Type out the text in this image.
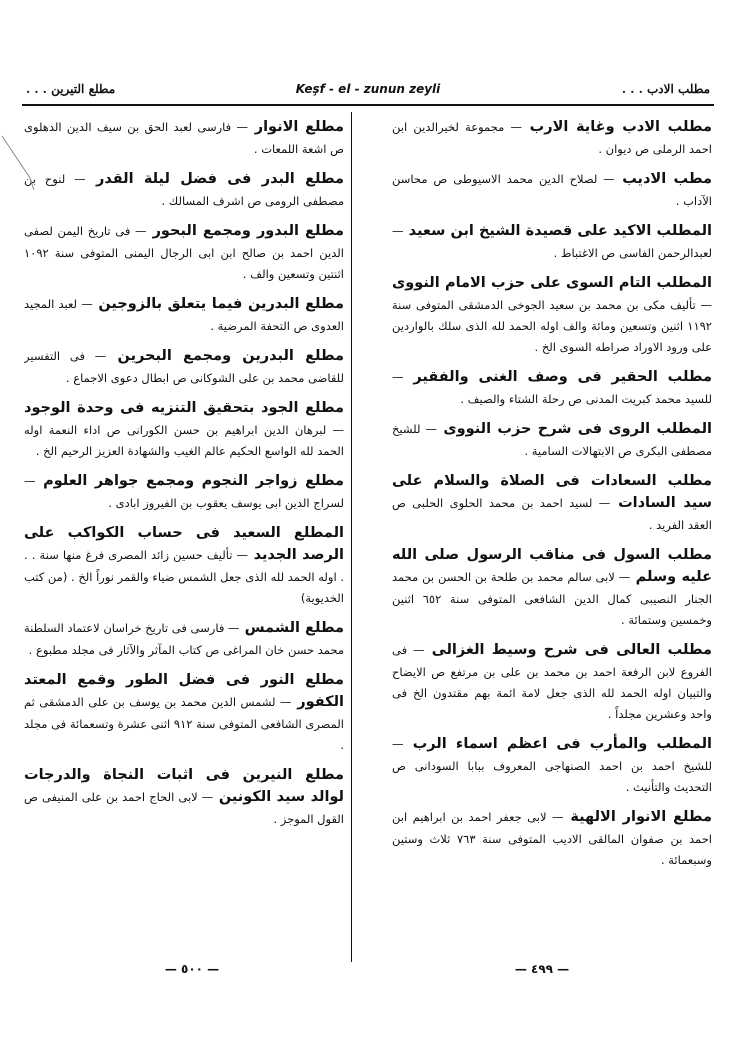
مطلب الادب . . .
Keşf - el - zunun zeyli
مطلع التيرين . . .

مطلب الادب وغاية الارب — مجموعة لخيرالدين ابن احمد الرملى ص ديوان .

مطب الاديب — لصلاح الدين محمد الاسيوطى ص محاسن الآداب .

المطلب الاكيد على قصيدة الشيخ ابن سعيد — لعبدالرحمن الفاسى ص الاغتباط .

المطلب التام السوى على حزب الامام النووى — تأليف مكى بن محمد بن سعيد الجوخى الدمشقى المتوفى سنة ١١٩٢ اثنين وتسعين ومائة والف اوله الحمد لله الذى سلك بالواردين على ورود الاوراد صراطه السوى الخ .

مطلب الحقير فى وصف الغنى والفقير — للسيد محمد كبريت المدنى ص رحلة الشتاء والصيف .

المطلب الروى فى شرح حزب النووى — للشيخ مصطفى البكرى ص الابتهالات السامية .

مطلب السعادات فى الصلاة والسلام على سيد السادات — لسيد احمد بن محمد الحلوى الحلبى ص العقد الفريد .

مطلب السول فى مناقب الرسول صلى الله عليه وسلم — لابى سالم محمد بن طلحة بن الحسن بن محمد الجنار النصيبى كمال الدين الشافعى المتوفى سنة ٦٥٢ اثنين وخمسين وستمائة .

مطلب العالى فى شرح وسيط الغزالى — فى الفروع لابن الرفعة احمد بن محمد بن على بن مرتفع ص الايضاح والتبيان اوله الحمد لله الذى جعل لامة ائمة بهم مقتدون الخ فى واحد وعشرين مجلداً .

المطلب والمأرب فى اعظم اسماء الرب — للشيخ احمد بن احمد الصنهاجى المعروف ببابا السودانى ص التحديث والتأنيث .

مطلع الانوار الالهية — لابى جعفر احمد بن ابراهيم ابن احمد بن صفوان المالقى الاديب المتوفى سنة ٧٦٣ ثلاث وستين وسبعمائة .

مطلع الانوار — فارسى لعبد الحق بن سيف الدين الدهلوى ص اشعة اللمعات .

مطلع البدر فى فضل ليلة القدر — لنوح بن مصطفى الرومى ص اشرف المسالك .

مطلع البدور ومجمع البحور — فى تاريخ اليمن لصفى الدين احمد بن صالح ابن ابى الرجال اليمنى المتوفى سنة ١٠٩٢ اثنتين وتسعين والف .

مطلع البدرين فيما يتعلق بالزوجين — لعبد المجيد العدوى ص التحفة المرضية .

مطلع البدرين ومجمع البحرين — فى التفسير للقاضى محمد بن على الشوكانى ص ابطال دعوى الاجماع .

مطلع الجود بتحقيق التنزيه فى وحدة الوجود — لبرهان الدين ابراهيم بن حسن الكورانى ص اداء النعمة اوله الحمد لله الواسع الحكيم عالم الغيب والشهادة العزيز الرحيم الخ .

مطلع زواجر النجوم ومجمع جواهر العلوم — لسراج الدين ابى يوسف يعقوب بن الفيروز ابادى .

المطلع السعيد فى حساب الكواكب على الرصد الجديد — تأليف حسين زائد المصرى فرغ منها سنة . . . اوله الحمد لله الذى جعل الشمس ضياء والقمر نوراً الخ . (من كتب الخديوية)

مطلع الشمس — فارسى فى تاريخ خراسان لاعتماد السلطنة محمد حسن خان المراغى ص كتاب المآثر والآثار فى مجلد مطبوع .

مطلع النور فى فضل الطور وقمع المعتد الكفور — لشمس الدين محمد بن يوسف بن على الدمشقى ثم المصرى الشافعى المتوفى سنة ٩١٢ اثنى عشرة وتسعمائة فى مجلد .

مطلع النيرين فى اثبات النجاة والدرجات لوالد سيد الكونين — لابى الحاج احمد بن على المنيفى ص القول الموجز .

— ٤٩٩ —
— ٥٠٠ —
